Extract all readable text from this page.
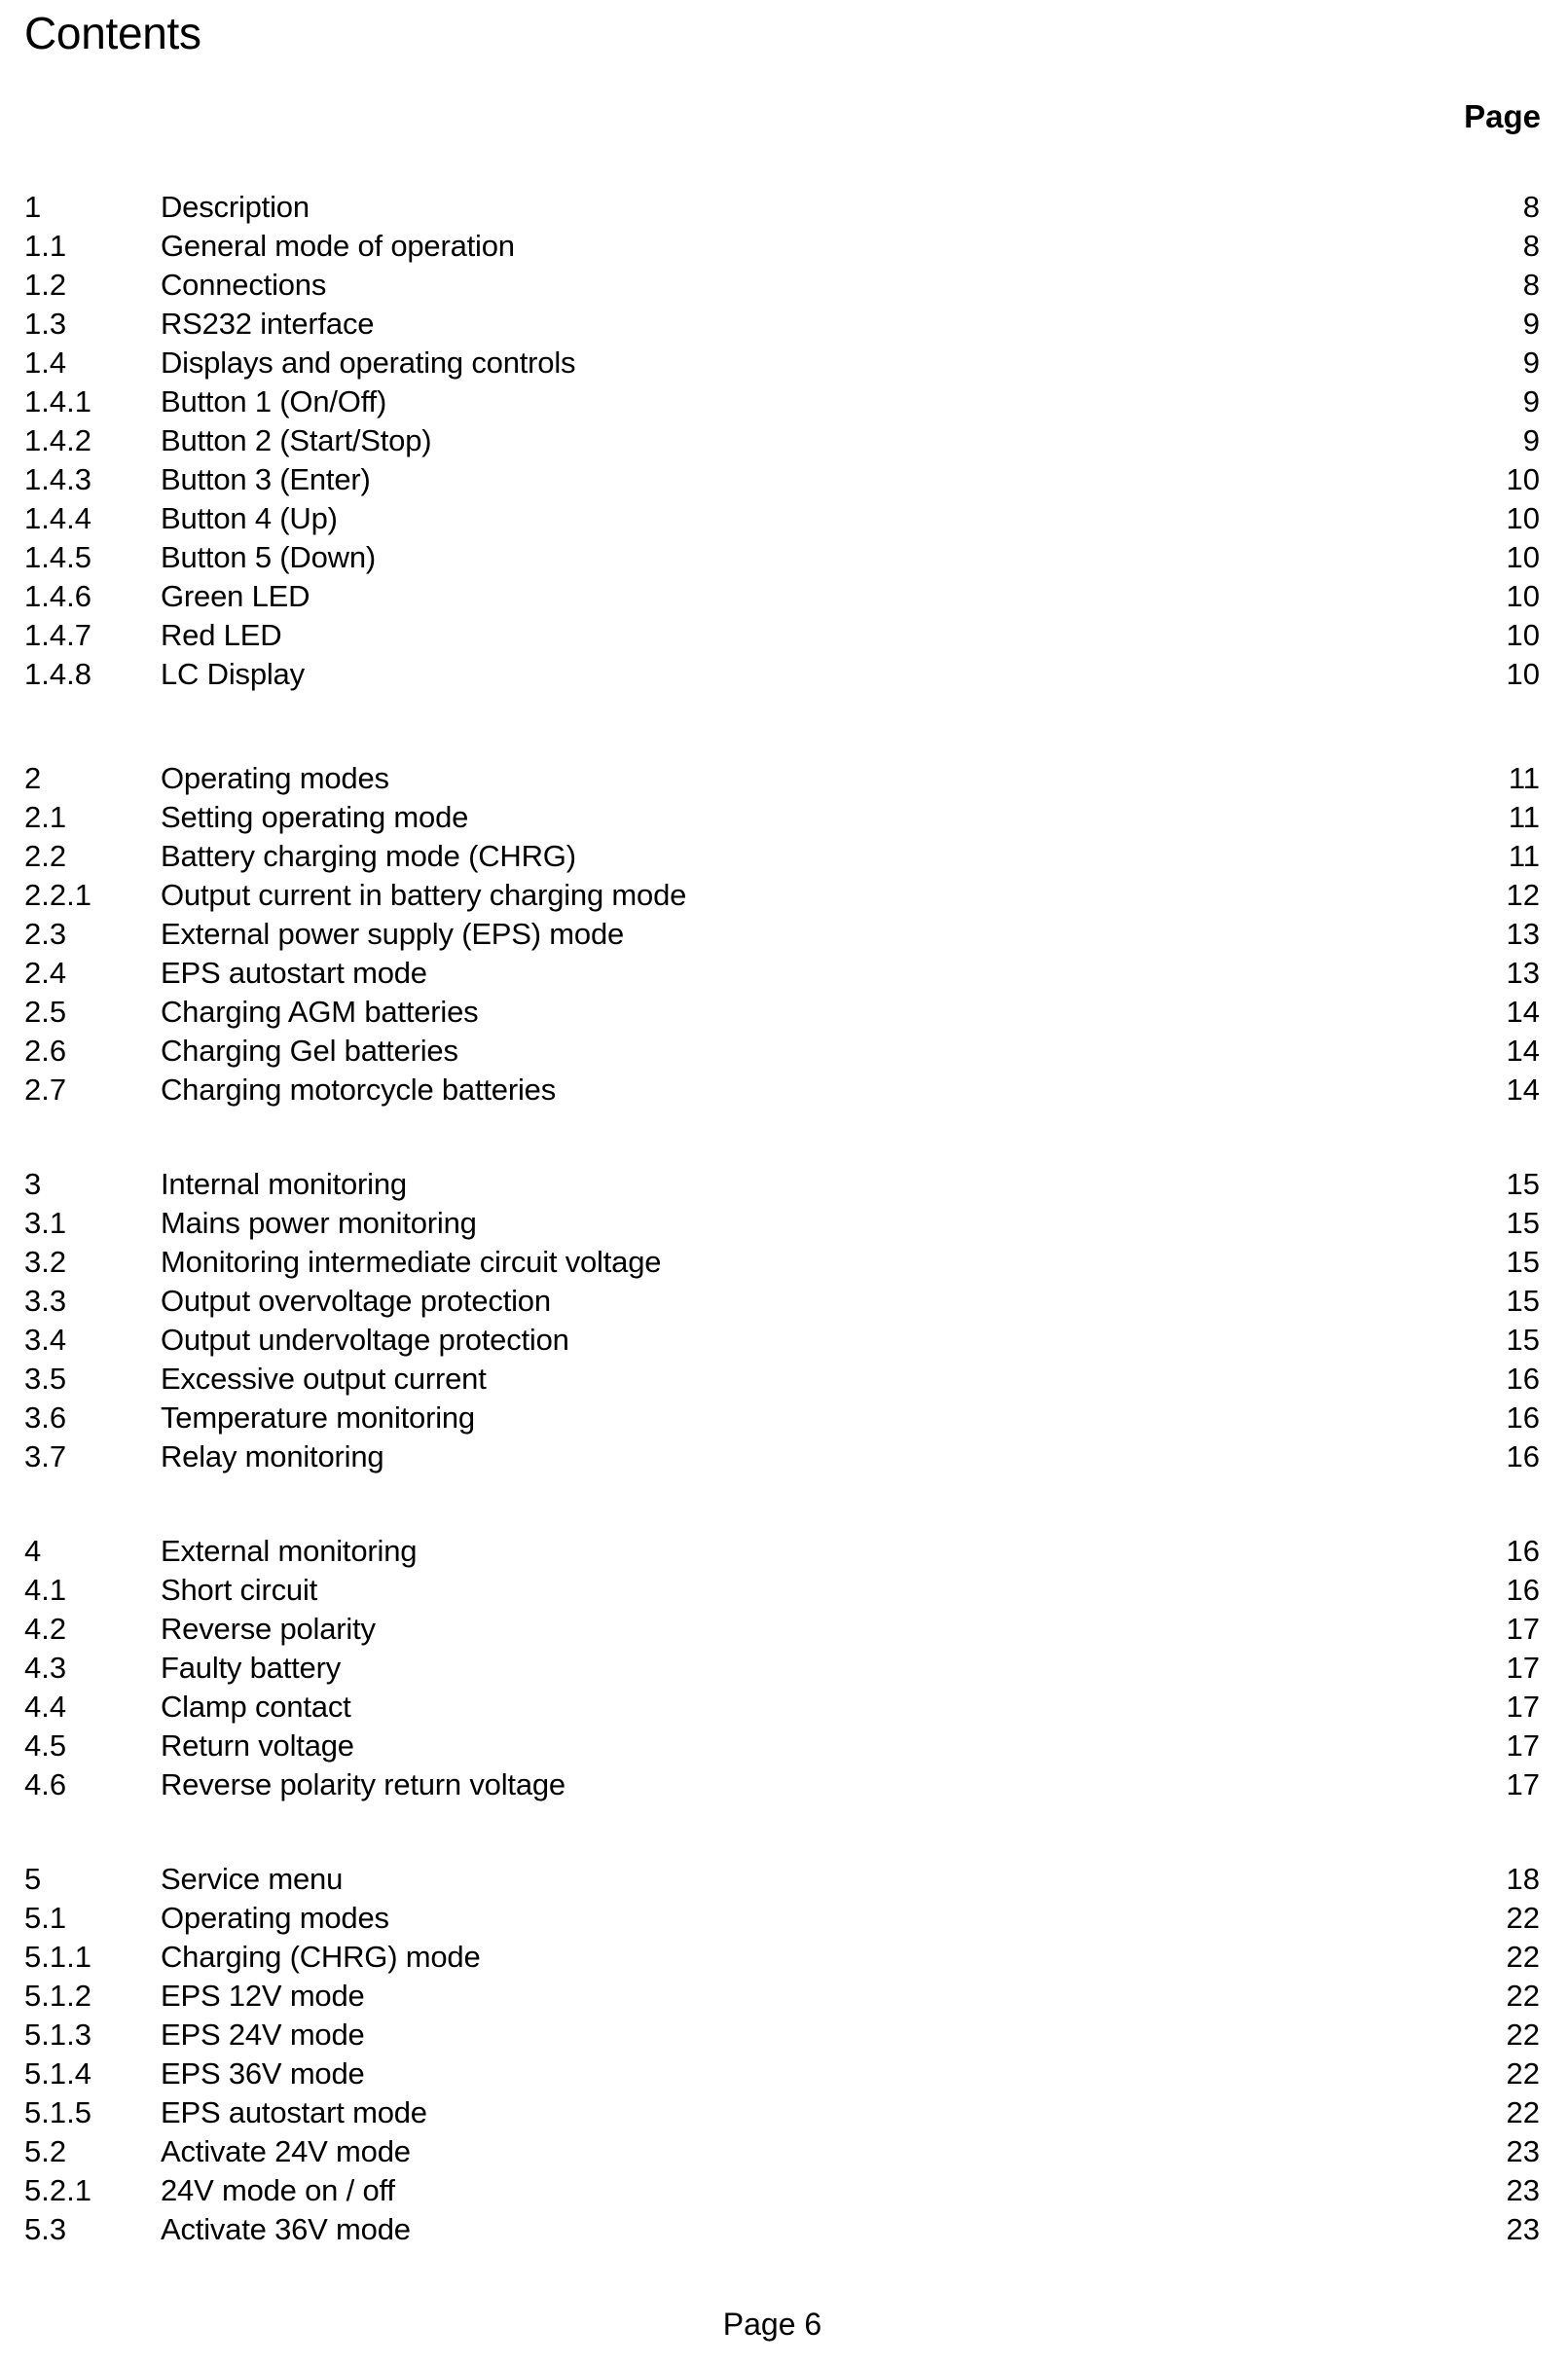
Contents
Page
1	Description	8
1.1	General mode of operation	8
1.2	Connections	8
1.3	RS232 interface	9
1.4	Displays and operating controls	9
1.4.1 Button 1 (On/Off)	9
1.4.2 Button 2 (Start/Stop)	9
1.4.3 Button 3 (Enter)	10
1.4.4 Button 4 (Up)	10
1.4.5 Button 5 (Down)	10
1.4.6 Green LED	10
1.4.7 Red LED	10
1.4.8 LC Display	10
2	Operating modes	11
2.1	Setting operating mode	11
2.2	Battery charging mode (CHRG)	11
2.2.1 Output current in battery charging mode	12
2.3	External power supply (EPS) mode	13
2.4	EPS autostart mode	13
2.5	Charging AGM batteries	14
2.6	Charging Gel batteries	14
2.7	Charging motorcycle batteries	14
3	Internal monitoring	15
3.1	Mains power monitoring	15
3.2	Monitoring intermediate circuit voltage	15
3.3	Output overvoltage protection	15
3.4	Output undervoltage protection	15
3.5	Excessive output current	16
3.6	Temperature monitoring	16
3.7	Relay monitoring	16
4	External monitoring	16
4.1	Short circuit	16
4.2	Reverse polarity	17
4.3	Faulty battery	17
4.4	Clamp contact	17
4.5	Return voltage	17
4.6	Reverse polarity return voltage	17
5	Service menu	18
5.1	Operating modes	22
5.1.1 Charging (CHRG) mode	22
5.1.2 EPS 12V mode	22
5.1.3 EPS 24V mode	22
5.1.4 EPS 36V mode	22
5.1.5 EPS autostart mode	22
5.2	Activate 24V mode	23
5.2.1 24V mode on / off	23
5.3	Activate 36V mode	23
Page 6
